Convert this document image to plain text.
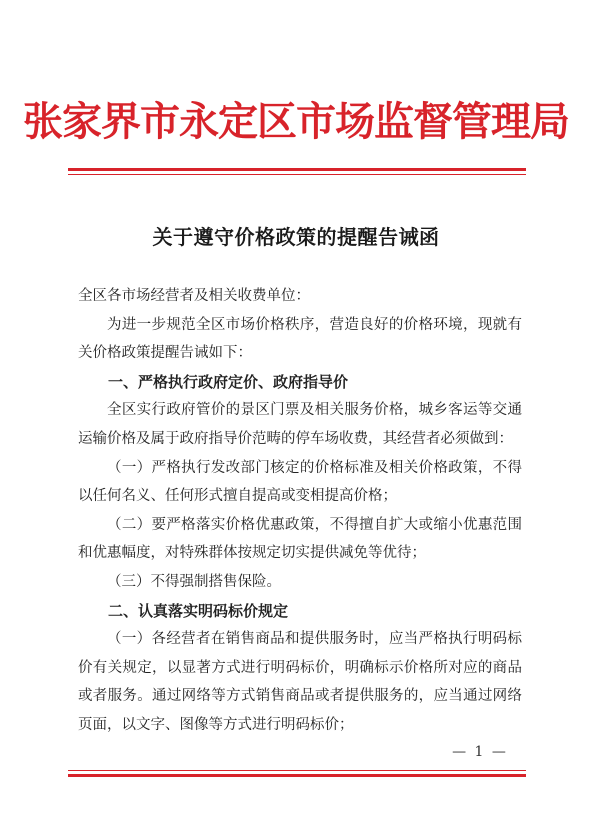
张家界市永定区市场监督管理局
关于遵守价格政策的提醒告诫函

全区各市场经营者及相关收费单位：

为进一步规范全区市场价格秩序，营造良好的价格环境，现就有关价格政策提醒告诫如下：

一、严格执行政府定价、政府指导价

全区实行政府管价的景区门票及相关服务价格，城乡客运等交通运输价格及属于政府指导价范畴的停车场收费，其经营者必须做到：

（一）严格执行发改部门核定的价格标准及相关价格政策，不得以任何名义、任何形式擅自提高或变相提高价格；

（二）要严格落实价格优惠政策，不得擅自扩大或缩小优惠范围和优惠幅度，对特殊群体按规定切实提供减免等优待；

（三）不得强制搭售保险。

二、认真落实明码标价规定

（一）各经营者在销售商品和提供服务时，应当严格执行明码标价有关规定，以显著方式进行明码标价，明确标示价格所对应的商品或者服务。通过网络等方式销售商品或者提供服务的，应当通过网络页面，以文字、图像等方式进行明码标价；

— 1 —
